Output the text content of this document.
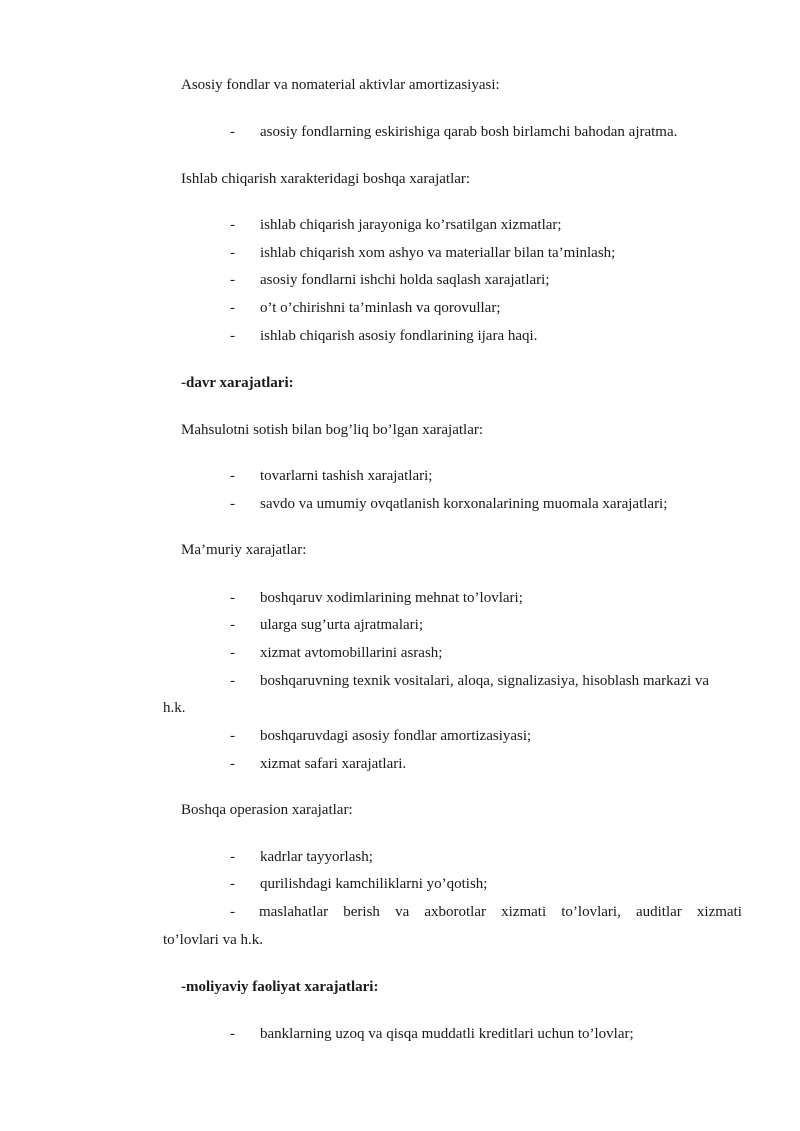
Asosiy fondlar va nomaterial aktivlar amortizasiyasi:
- asosiy fondlarning eskirishiga qarab bosh birlamchi bahodan ajratma.
Ishlab chiqarish xarakteridagi boshqa xarajatlar:
- ishlab chiqarish jarayoniga ko’rsatilgan xizmatlar;
- ishlab chiqarish xom ashyo va materiallar bilan ta’minlash;
- asosiy fondlarni ishchi holda saqlash xarajatlari;
- o’t o’chirishni ta’minlash va qorovullar;
- ishlab chiqarish asosiy fondlarining ijara haqi.
-davr xarajatlari:
Mahsulotni sotish bilan bog’liq bo’lgan xarajatlar:
- tovarlarni tashish xarajatlari;
- savdo va umumiy ovqatlanish korxonalarining muomala xarajatlari;
Ma’muriy xarajatlar:
- boshqaruv xodimlarining mehnat to’lovlari;
- ularga sug’urta ajratmalari;
- xizmat avtomobillarini asrash;
- boshqaruvning texnik vositalari, aloqa, signalizasiya, hisoblash markazi va
h.k.
- boshqaruvdagi asosiy fondlar amortizasiyasi;
- xizmat safari xarajatlari.
Boshqa operasion xarajatlar:
- kadrlar tayyorlash;
- qurilishdagi kamchiliklarni yo’qotish;
- maslahatlar berish va axborotlar xizmati to’lovlari, auditlar xizmati
to’lovlari va h.k.
-moliyaviy faoliyat xarajatlari:
- banklarning uzoq va qisqa muddatli kreditlari uchun to’lovlar;
